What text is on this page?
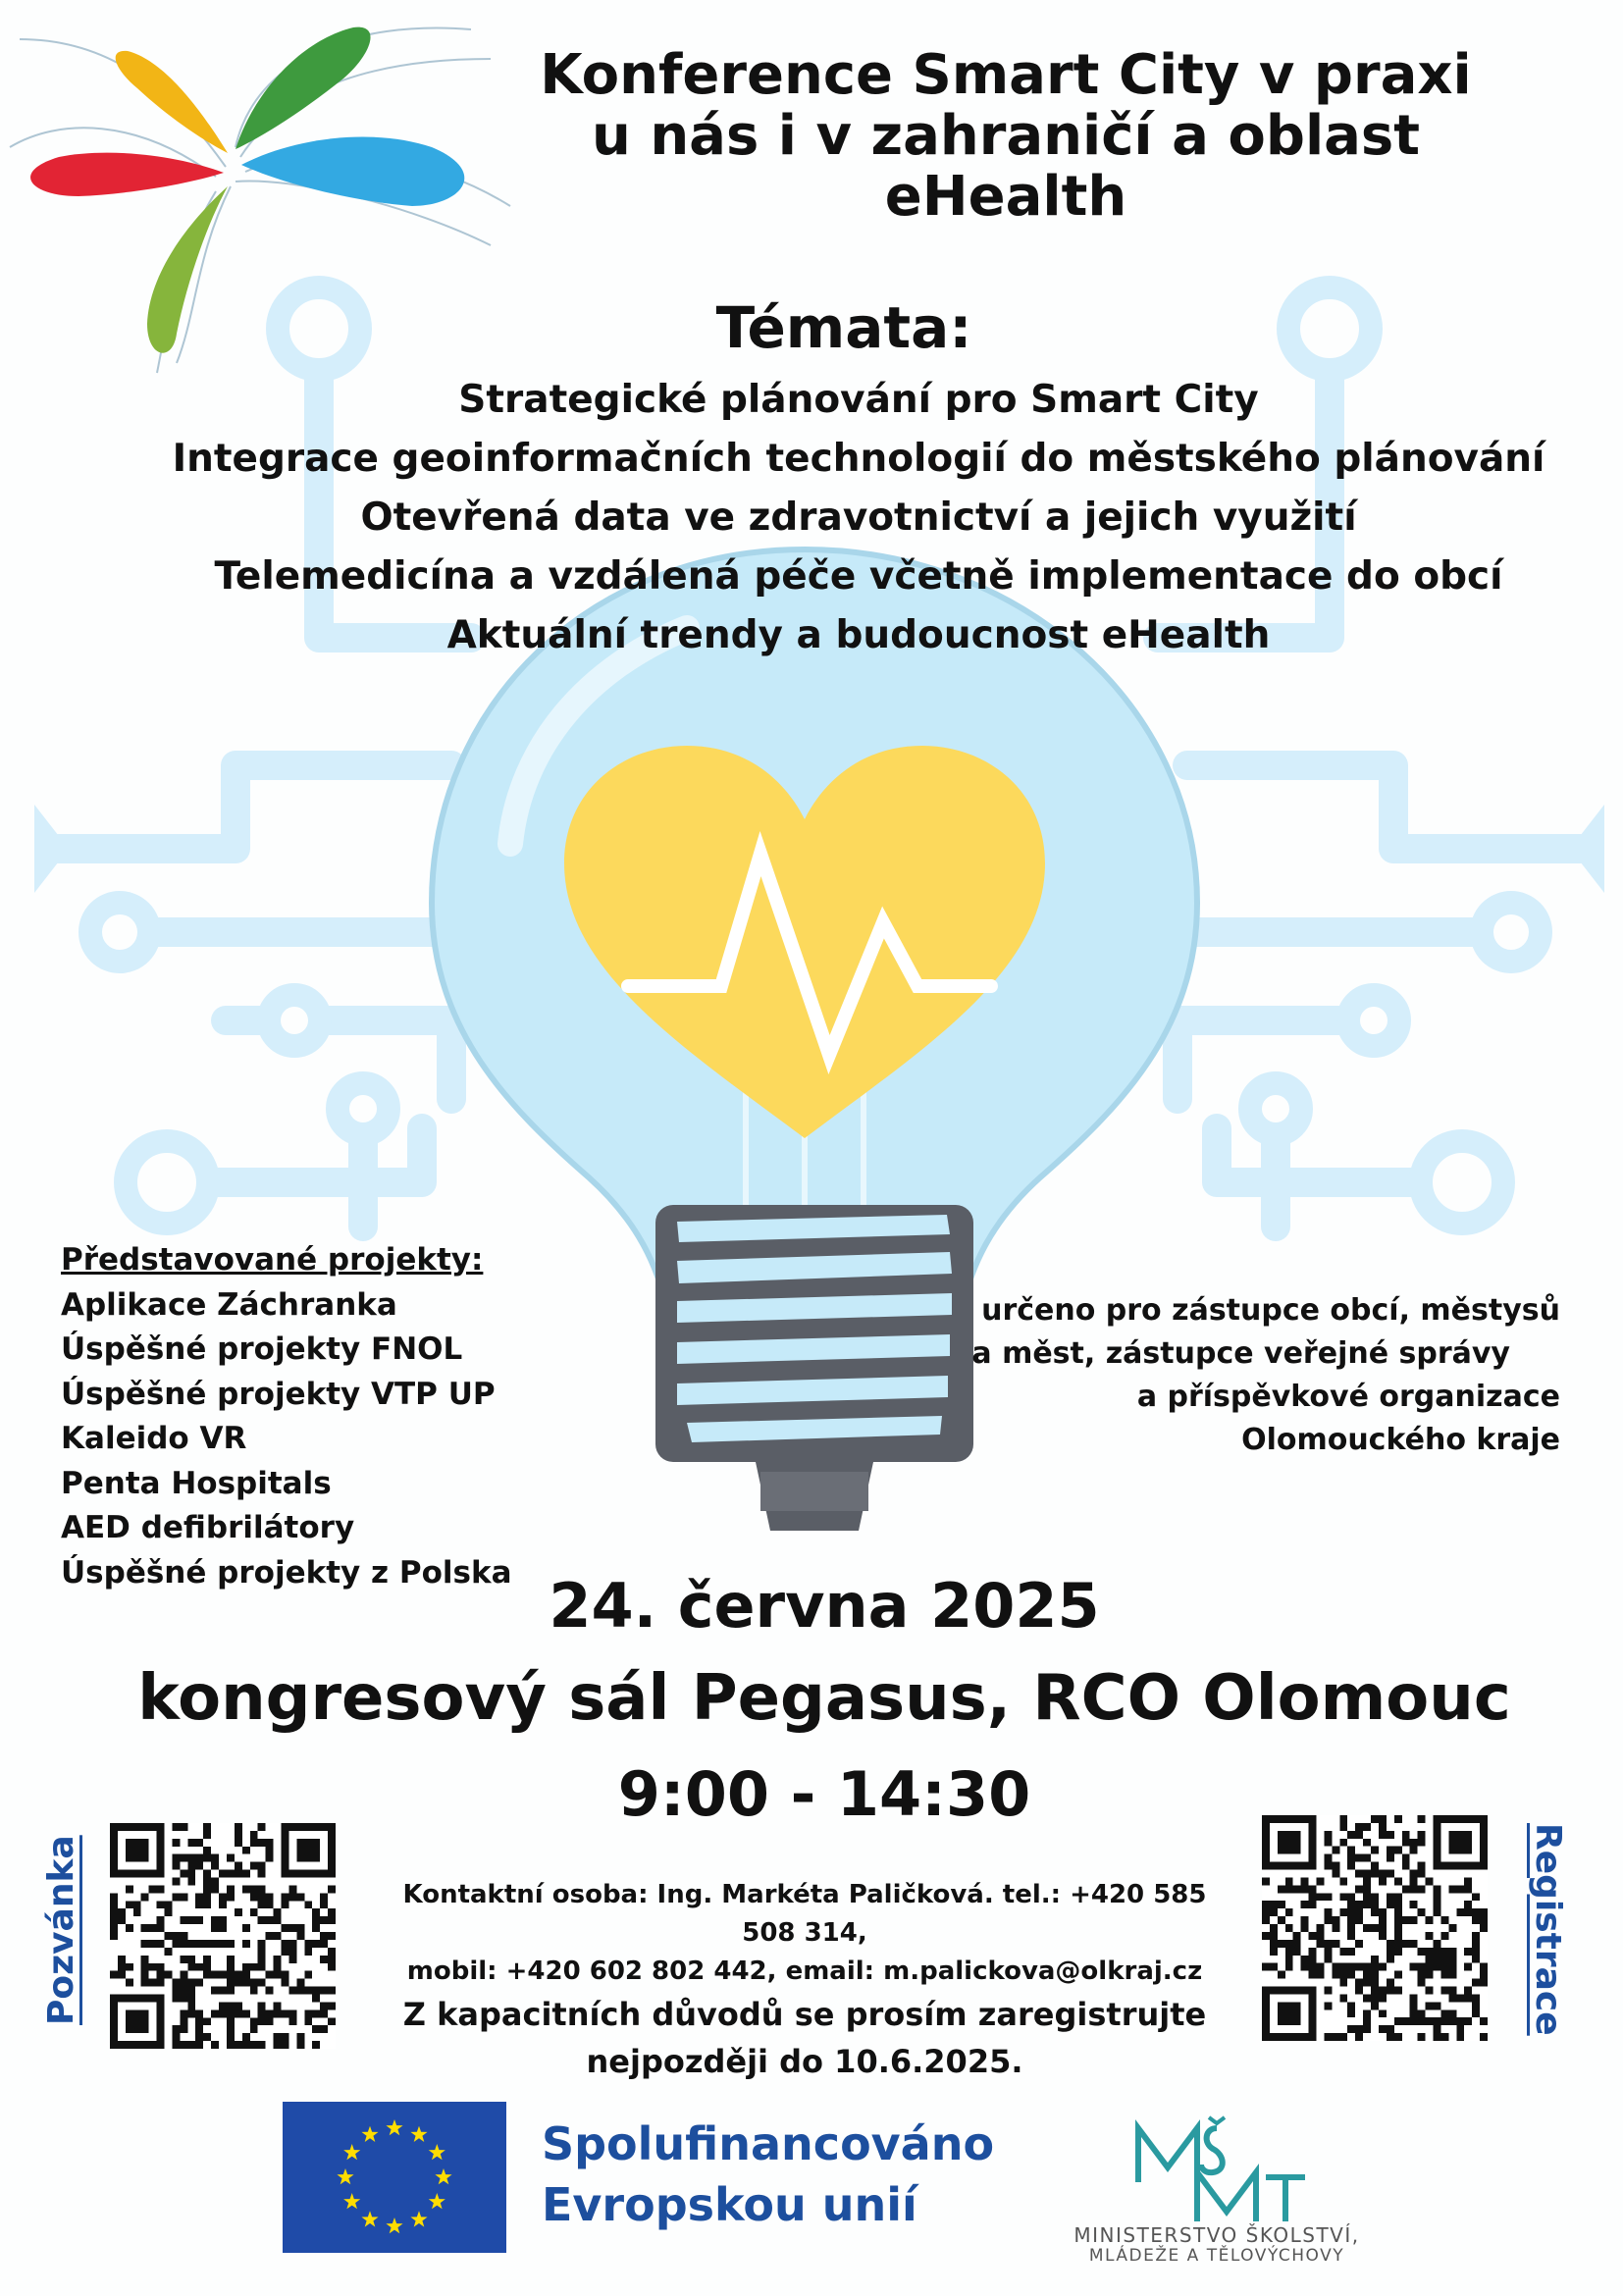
Konference Smart City v praxi
u nás i v zahraničí a oblast
eHealth
Témata:
Strategické plánování pro Smart City
Integrace geoinformačních technologií do městského plánování
Otevřená data ve zdravotnictví a jejich využití
Telemedicína a vzdálená péče včetně implementace do obcí
Aktuální trendy a budoucnost eHealth
Představované projekty:
Aplikace Záchranka
Úspěšné projekty FNOL
Úspěšné projekty VTP UP
Kaleido VR
Penta Hospitals
AED defibrilátory
Úspěšné projekty z Polska
určeno pro zástupce obcí, městysů
a měst, zástupce veřejné správy
a příspěvkové organizace
Olomouckého kraje
24. června 2025
kongresový sál Pegasus, RCO Olomouc
9:00 - 14:30
Pozvánka	Registrace
Kontaktní osoba: Ing. Markéta Paličková. tel.: +420 585 508 314,
mobil: +420 602 802 442, email: m.palickova@olkraj.cz
Z kapacitních důvodů se prosím zaregistrujte
nejpozději do 10.6.2025.
Spolufinancováno
Evropskou unií
MINISTERSTVO ŠKOLSTVÍ,
MLÁDEŽE A TĚLOVÝCHOVY
